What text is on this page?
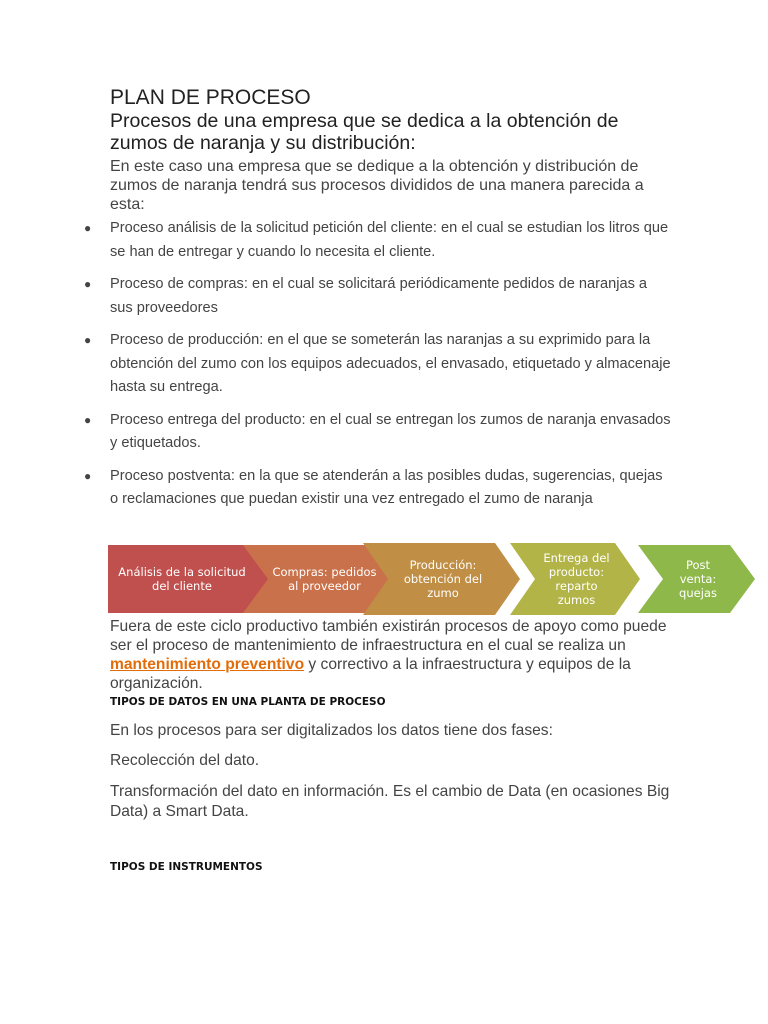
PLAN DE PROCESO
Procesos de una empresa que se dedica a la obtención de zumos de naranja y su distribución:
En este caso una empresa que se dedique a la obtención y distribución de zumos de naranja tendrá sus procesos divididos de una manera parecida a esta:
● Proceso análisis de la solicitud petición del cliente: en el cual se estudian los litros que se han de entregar y cuando lo necesita el cliente.
● Proceso de compras: en el cual se solicitará periódicamente pedidos de naranjas a sus proveedores
● Proceso de producción: en el que se someterán las naranjas a su exprimido para la obtención del zumo con los equipos adecuados, el envasado, etiquetado y almacenaje hasta su entrega.
● Proceso entrega del producto: en el cual se entregan los zumos de naranja envasados y etiquetados.
● Proceso postventa: en la que se atenderán a las posibles dudas, sugerencias, quejas o reclamaciones que puedan existir una vez entregado el zumo de naranja
Análisis de la solicitud del cliente
Compras: pedidos al proveedor
Producción: obtención del zumo
Entrega del producto: reparto zumos
Post venta: quejas
Fuera de este ciclo productivo también existirán procesos de apoyo como puede ser el proceso de mantenimiento de infraestructura en el cual se realiza un mantenimiento preventivo y correctivo a la infraestructura y equipos de la organización.
TIPOS DE DATOS EN UNA PLANTA DE PROCESO
En los procesos para ser digitalizados los datos tiene dos fases:
Recolección del dato.
Transformación del dato en información. Es el cambio de Data (en ocasiones Big Data) a Smart Data.
TIPOS DE INSTRUMENTOS
